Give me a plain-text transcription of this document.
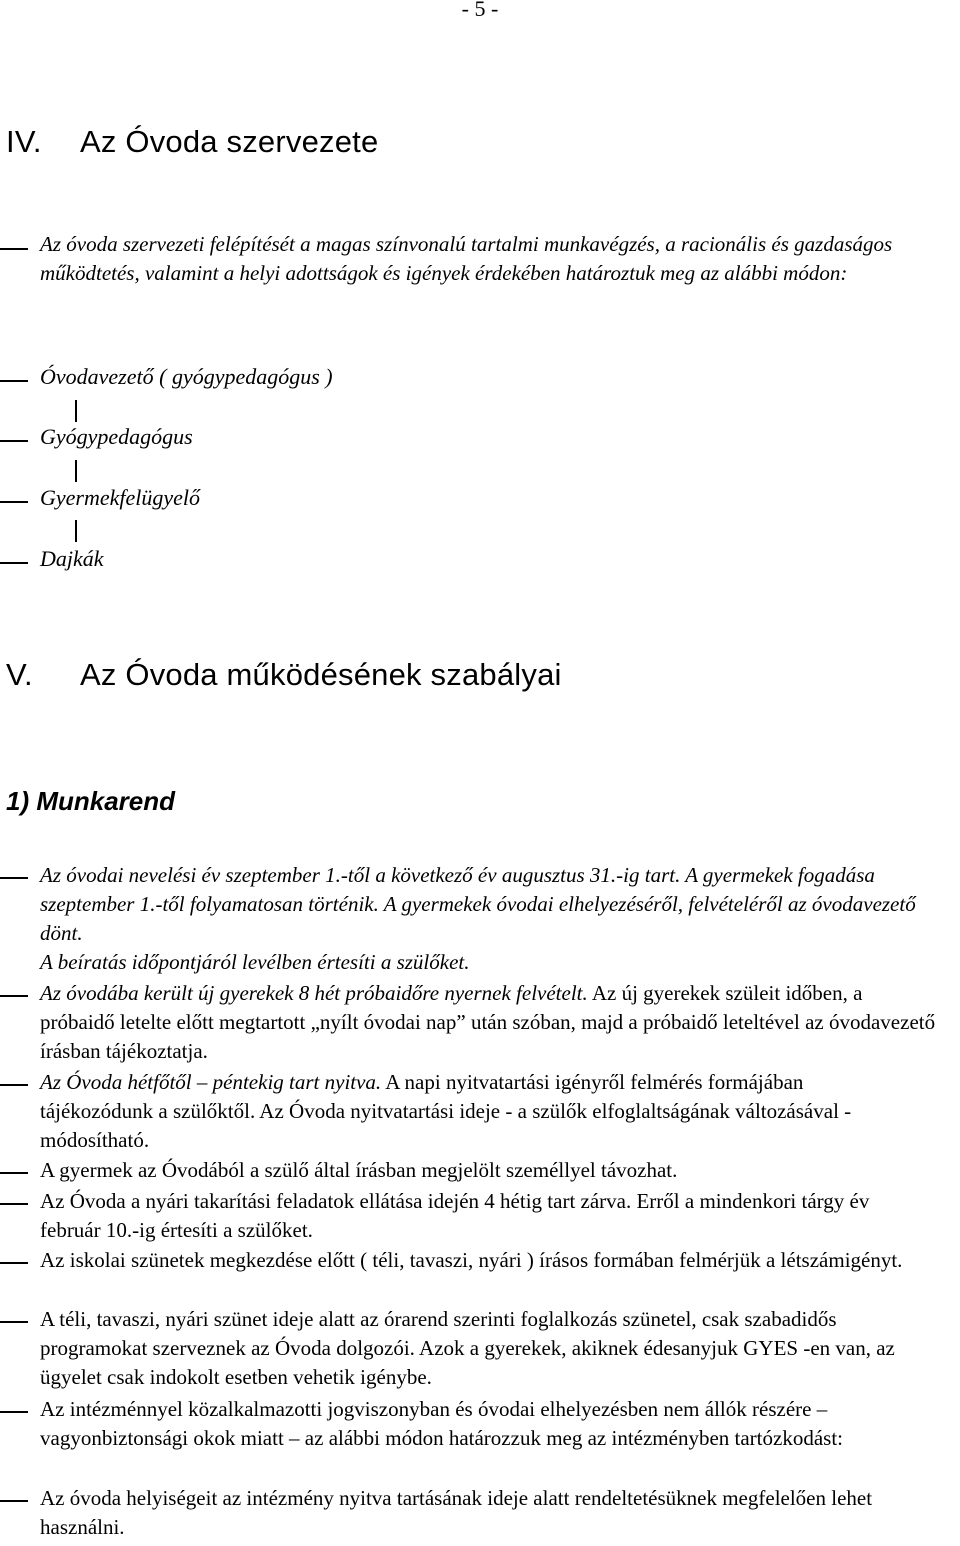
- 5 -
IV. Az Óvoda szervezete
Az óvoda szervezeti felépítését a magas színvonalú tartalmi munkavégzés, a racionális és gazdaságos működtetés, valamint a helyi adottságok és igények érdekében határoztuk meg az alábbi módon:
Óvodavezető ( gyógypedagógus )
Gyógypedagógus
Gyermekfelügyelő
Dajkák
V. Az Óvoda működésének szabályai
1) Munkarend

Az óvodai nevelési év szeptember 1.-től a következő év augusztus 31.-ig tart. A gyermekek fogadása szeptember 1.-től folyamatosan történik. A gyermekek óvodai elhelyezéséről, felvételéről az óvodavezető dönt.

A beíratás időpontjáról levélben értesíti a szülőket.

Az óvodába került új gyerekek 8 hét próbaidőre nyernek felvételt. Az új gyerekek szüleit időben, a próbaidő letelte előtt megtartott „nyílt óvodai nap” után szóban, majd a próbaidő leteltével az óvodavezető írásban tájékoztatja.
Az Óvoda hétfőtől – péntekig tart nyitva. A napi nyitvatartási igényről felmérés formájában tájékozódunk a szülőktől. Az Óvoda nyitvatartási ideje - a szülők elfoglaltságának változásával - módosítható.
A gyermek az Óvodából a szülő által írásban megjelölt személlyel távozhat.
Az Óvoda a nyári takarítási feladatok ellátása idején 4 hétig tart zárva. Erről a mindenkori tárgy év február 10.-ig értesíti a szülőket.
Az iskolai szünetek megkezdése előtt ( téli, tavaszi, nyári ) írásos formában felmérjük a létszámigényt.
A téli, tavaszi, nyári szünet ideje alatt az órarend szerinti foglalkozás szünetel, csak szabadidős programokat szerveznek az Óvoda dolgozói. Azok a gyerekek, akiknek édesanyjuk GYES -en van, az ügyelet csak indokolt esetben vehetik igénybe.
Az intézménnyel közalkalmazotti jogviszonyban és óvodai elhelyezésben nem állók részére – vagyonbiztonsági okok miatt – az alábbi módon határozzuk meg az intézményben tartózkodást:
Az óvoda helyiségeit az intézmény nyitva tartásának ideje alatt rendeltetésüknek megfelelően lehet használni.
